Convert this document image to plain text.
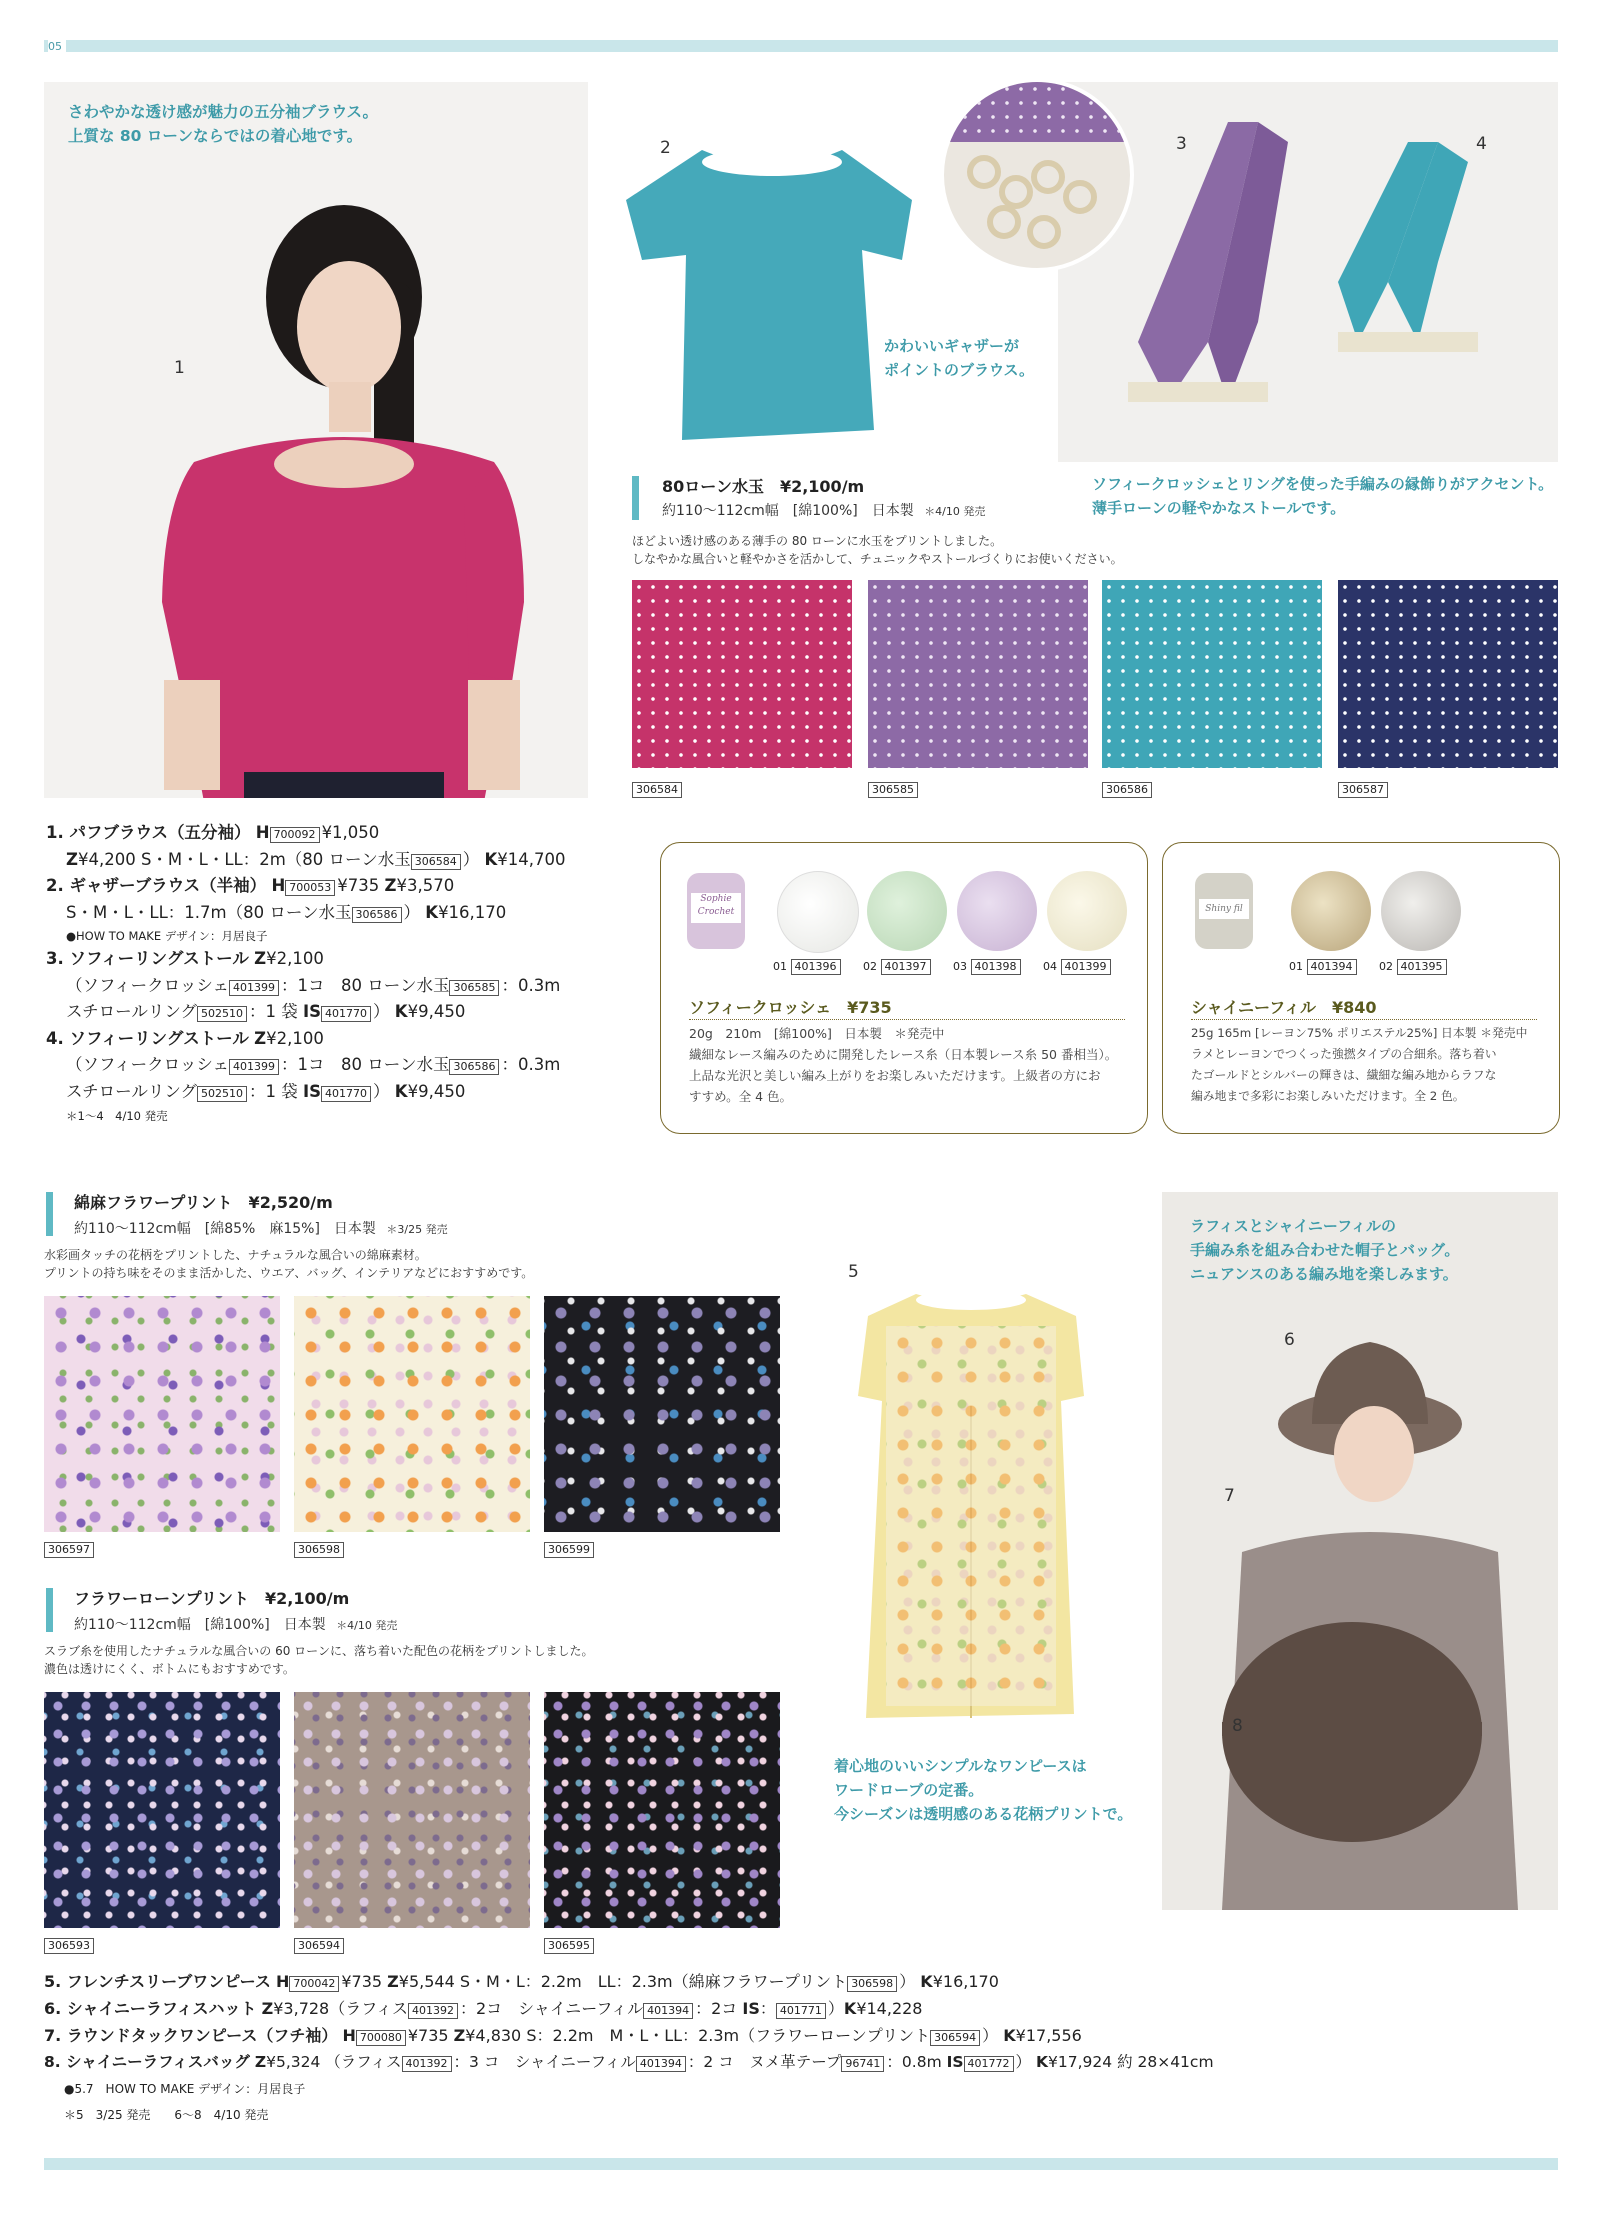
05
さわやかな透け感が魅力の五分袖ブラウス。
上質な 80 ローンならではの着心地です。
1
2
かわいいギャザーが
ポイントのブラウス。
3	4
ソフィークロッシェとリングを使った手編みの縁飾りがアクセント。
薄手ローンの軽やかなストールです。
80ローン水玉　¥2,100/m
約110～112cm幅　[綿100%]　日本製 ＊4/10 発売
ほどよい透け感のある薄手の 80 ローンに水玉をプリントしました。
しなやかな風合いと軽やかさを活かして、チュニックやストールづくりにお使いください。
306584	306585	306586	306587
1. パフブラウス（五分袖） H 700092 ¥1,050
Z¥4,200 S・M・L・LL：2m（80 ローン水玉 306584 ） K¥14,700
2. ギャザーブラウス（半袖） H 700053 ¥735 Z¥3,570
S・M・L・LL：1.7m（80 ローン水玉 306586 ） K¥16,170
●HOW TO MAKE デザイン：月居良子
3. ソフィーリングストール Z¥2,100
（ソフィークロッシェ 401399 ：1コ　80 ローン水玉 306585 ：0.3m
スチロールリング 502510 ：1 袋 IS 401770 ） K¥9,450
4. ソフィーリングストール Z¥2,100
（ソフィークロッシェ 401399 ：1コ　80 ローン水玉 306586 ：0.3m
スチロールリング 502510 ：1 袋 IS 401770 ） K¥9,450
＊1～4　4/10 発売
Sophie
Crochet
01 401396	02 401397	03 401398	04 401399
ソフィークロッシェ　¥735
20g　210m　[綿100%]　日本製　＊発売中
繊細なレース編みのために開発したレース糸（日本製レース糸 50 番相当）。
上品な光沢と美しい編み上がりをお楽しみいただけます。上級者の方にお
すすめ。全 4 色。
Shiny fil
01 401394	02 401395
シャイニーフィル　¥840
25g 165m [レーヨン75% ポリエステル25%] 日本製 ＊発売中
ラメとレーヨンでつくった強撚タイプの合細糸。落ち着い
たゴールドとシルバーの輝きは、繊細な編み地からラフな
編み地まで多彩にお楽しみいただけます。全 2 色。
綿麻フラワープリント　¥2,520/m
約110～112cm幅　[綿85%　麻15%]　日本製 ＊3/25 発売
水彩画タッチの花柄をプリントした、ナチュラルな風合いの綿麻素材。
プリントの持ち味をそのまま活かした、ウエア、バッグ、インテリアなどにおすすめです。
306597	306598	306599
フラワーローンプリント　¥2,100/m
約110～112cm幅　[綿100%]　日本製 ＊4/10 発売
スラブ糸を使用したナチュラルな風合いの 60 ローンに、落ち着いた配色の花柄をプリントしました。
濃色は透けにくく、ボトムにもおすすめです。
306593	306594	306595
5
着心地のいいシンプルなワンピースは
ワードローブの定番。
今シーズンは透明感のある花柄プリントで。
ラフィスとシャイニーフィルの
手編み糸を組み合わせた帽子とバッグ。
ニュアンスのある編み地を楽しみます。
6
7
8
5. フレンチスリーブワンピース H 700042 ¥735 Z¥5,544 S・M・L：2.2m　LL：2.3m（綿麻フラワープリント 306598 ） K¥16,170
6. シャイニーラフィスハット Z¥3,728（ラフィス 401392 ：2コ　シャイニーフィル 401394 ：2コ IS： 401771 ）K¥14,228
7. ラウンドタックワンピース（フチ袖） H 700080 ¥735 Z¥4,830 S：2.2m　M・L・LL：2.3m（フラワーローンプリント 306594 ） K¥17,556
8. シャイニーラフィスバッグ Z¥5,324 （ラフィス 401392 ：3 コ　シャイニーフィル 401394 ：2 コ　ヌメ革テープ 96741 ：0.8m IS 401772 ） K¥17,924 約 28×41cm
●5.7　HOW TO MAKE デザイン：月居良子
＊5　3/25 発売　　6～8　4/10 発売
